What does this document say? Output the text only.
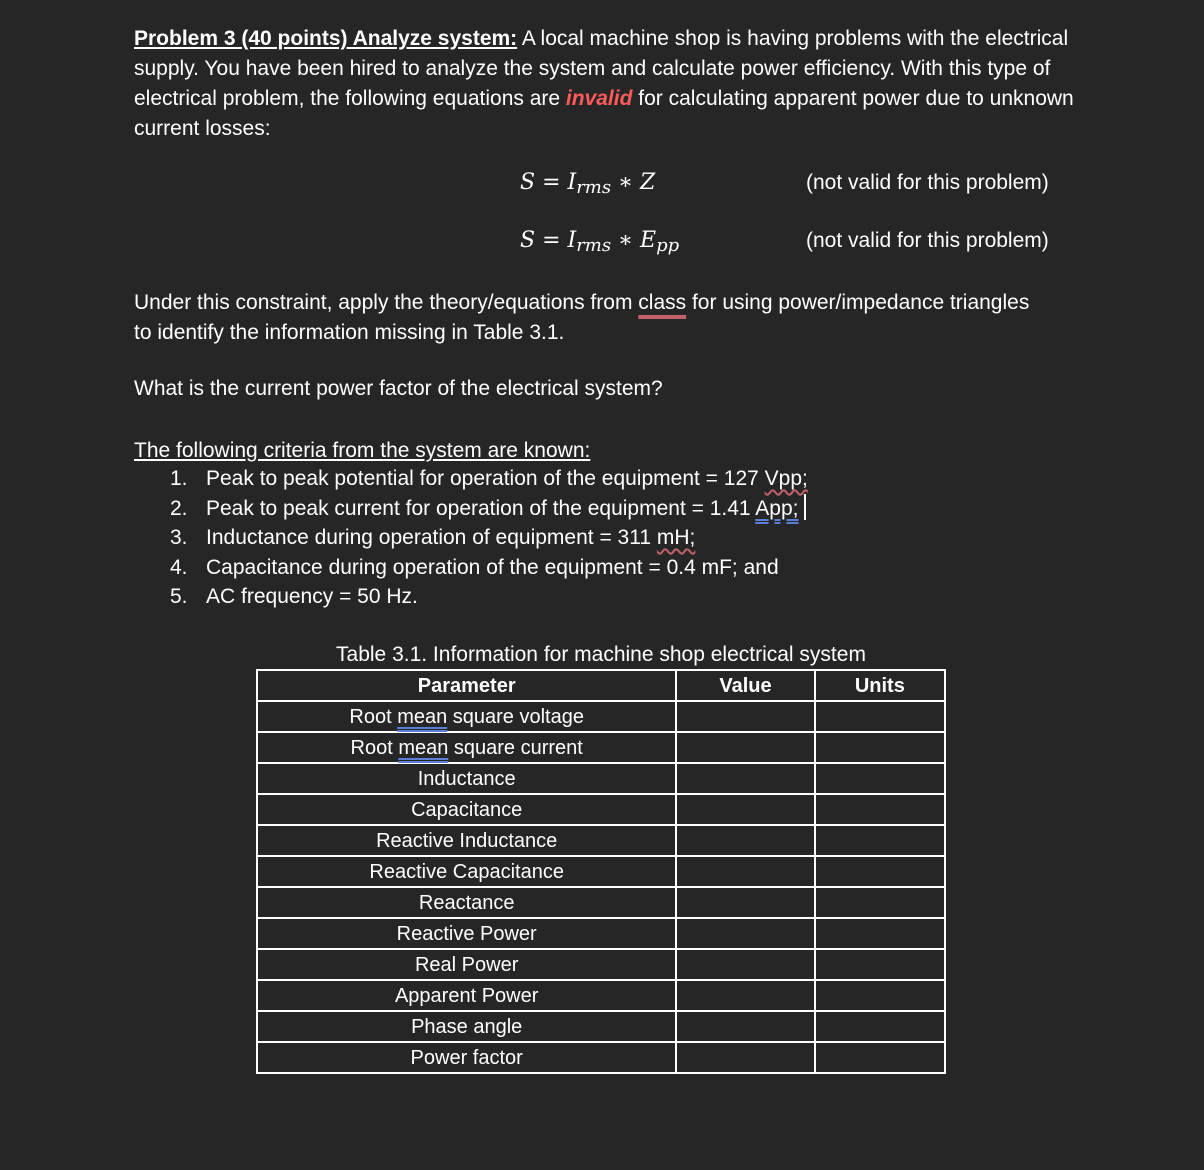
Problem 3 (40 points) Analyze system: A local machine shop is having problems with the electrical supply. You have been hired to analyze the system and calculate power efficiency. With this type of electrical problem, the following equations are invalid for calculating apparent power due to unknown current losses:
S = Irms ∗ Z	(not valid for this problem)
S = Irms ∗ Epp	(not valid for this problem)
Under this constraint, apply the theory/equations from class for using power/impedance triangles to identify the information missing in Table 3.1.
What is the current power factor of the electrical system?
The following criteria from the system are known:
1. Peak to peak potential for operation of the equipment = 127 Vpp;
2. Peak to peak current for operation of the equipment = 1.41 App;
3. Inductance during operation of equipment = 311 mH;
4. Capacitance during operation of the equipment = 0.4 mF; and
5. AC frequency = 50 Hz.
Table 3.1. Information for machine shop electrical system
Parameter	Value	Units
Root mean square voltage		
Root mean square current		
Inductance		
Capacitance		
Reactive Inductance		
Reactive Capacitance		
Reactance		
Reactive Power		
Real Power		
Apparent Power		
Phase angle		
Power factor		
